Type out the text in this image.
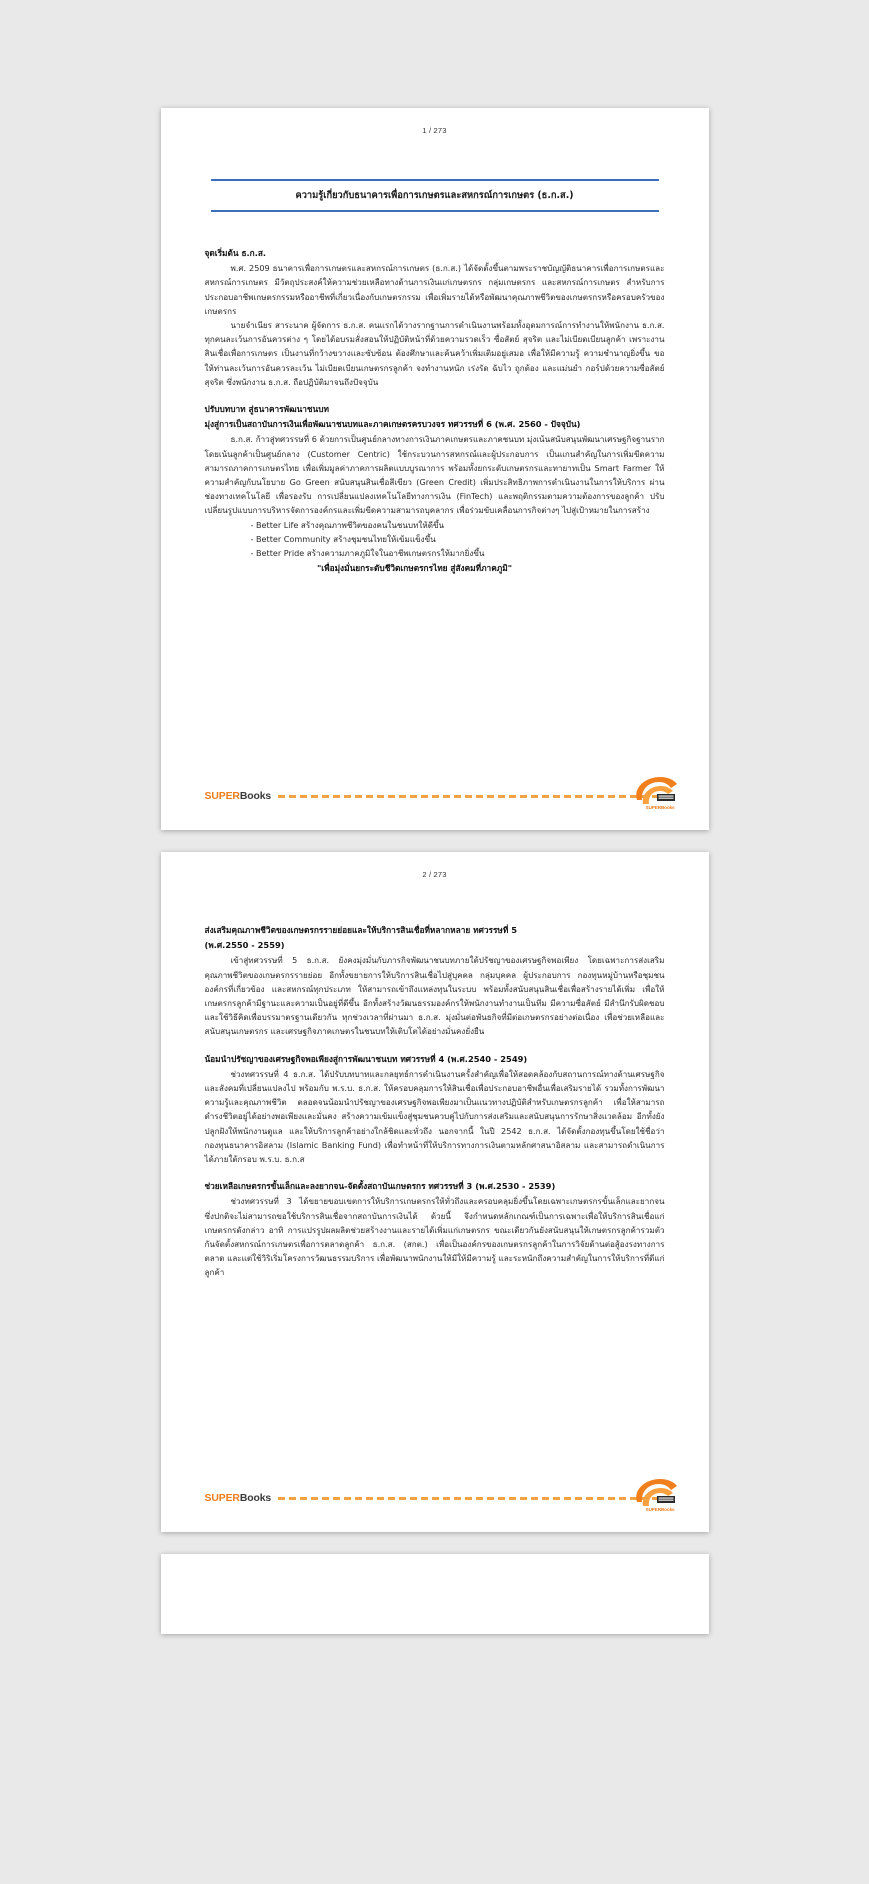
1 / 273
ความรู้เกี่ยวกับธนาคารเพื่อการเกษตรและสหกรณ์การเกษตร (ธ.ก.ส.)
จุดเริ่มต้น ธ.ก.ส.

พ.ศ. 2509 ธนาคารเพื่อการเกษตรและสหกรณ์การเกษตร (ธ.ก.ส.) ได้จัดตั้งขึ้นตามพระราชบัญญัติธนาคารเพื่อการเกษตรและสหกรณ์การเกษตร มีวัตถุประสงค์ให้ความช่วยเหลือทางด้านการเงินแก่เกษตรกร กลุ่มเกษตรกร และสหกรณ์การเกษตร สำหรับการประกอบอาชีพเกษตรกรรมหรืออาชีพที่เกี่ยวเนื่องกับเกษตรกรรม เพื่อเพิ่มรายได้หรือพัฒนาคุณภาพชีวิตของเกษตรกรหรือครอบครัวของเกษตรกร

นายจำเนียร สาระนาค ผู้จัดการ ธ.ก.ส. คนแรกได้วางรากฐานการดำเนินงานพร้อมทั้งอุดมการณ์การทำงานให้พนักงาน ธ.ก.ส. ทุกคนละเว้นการอันควรต่าง ๆ โดยได้อบรมสั่งสอนให้ปฏิบัติหน้าที่ด้วยความรวดเร็ว ซื่อสัตย์ สุจริต และไม่เบียดเบียนลูกค้า เพราะงานสินเชื่อเพื่อการเกษตร เป็นงานที่กว้างขวางและซับซ้อน ต้องศึกษาและค้นคว้าเพิ่มเติมอยู่เสมอ เพื่อให้มีความรู้ ความชำนาญยิ่งขึ้น ขอให้ท่านละเว้นการอันควรละเว้น ไม่เบียดเบียนเกษตรกรลูกค้า จงทำงานหนัก เร่งรัด ฉับไว ถูกต้อง และแม่นยำ กอร์ปด้วยความซื่อสัตย์สุจริต ซึ่งพนักงาน ธ.ก.ส. ถือปฏิบัติมาจนถึงปัจจุบัน

ปรับบทบาท สู่ธนาคารพัฒนาชนบท
มุ่งสู่การเป็นสถาบันการเงินเพื่อพัฒนาชนบทและภาคเกษตรครบวงจร ทศวรรษที่ 6 (พ.ศ. 2560 - ปัจจุบัน)

ธ.ก.ส. ก้าวสู่ทศวรรษที่ 6 ด้วยการเป็นศูนย์กลางทางการเงินภาคเกษตรและภาคชนบท มุ่งเน้นสนับสนุนพัฒนาเศรษฐกิจฐานราก โดยเน้นลูกค้าเป็นศูนย์กลาง (Customer Centric) ใช้กระบวนการสหกรณ์และผู้ประกอบการ เป็นแกนสำคัญในการเพิ่มขีดความสามารถภาคการเกษตรไทย เพื่อเพิ่มมูลค่าภาคการผลิตแบบบูรณาการ พร้อมทั้งยกระดับเกษตรกรและทายาทเป็น Smart Farmer ให้ความสำคัญกับนโยบาย Go Green สนับสนุนสินเชื่อสีเขียว (Green Credit) เพิ่มประสิทธิภาพการดำเนินงานในการให้บริการ ผ่านช่องทางเทคโนโลยี เพื่อรองรับ การเปลี่ยนแปลงเทคโนโลยีทางการเงิน (FinTech) และพฤติกรรมตามความต้องการของลูกค้า ปรับเปลี่ยนรูปแบบการบริหารจัดการองค์กรและเพิ่มขีดความสามารถบุคลากร เพื่อร่วมขับเคลื่อนการกิจต่างๆ ไปสู่เป้าหมายในการสร้าง

- Better Life สร้างคุณภาพชีวิตของคนในชนบทให้ดีขึ้น
- Better Community สร้างชุมชนไทยให้เข้มแข็งขึ้น
- Better Pride สร้างความภาคภูมิใจในอาชีพเกษตรกรให้มากยิ่งขึ้น
"เพื่อมุ่งมั่นยกระดับชีวิตเกษตรกรไทย สู่สังคมที่ภาคภูมิ"
SUPERBooks
SUPERBooks
2 / 273
ส่งเสริมคุณภาพชีวิตของเกษตรกรรายย่อยและให้บริการสินเชื่อที่หลากหลาย ทศวรรษที่ 5
(พ.ศ.2550 - 2559)

เข้าสู่ทศวรรษที่ 5 ธ.ก.ส. ยังคงมุ่งมั่นกับภารกิจพัฒนาชนบทภายใต้ปรัชญาของเศรษฐกิจพอเพียง โดยเฉพาะการส่งเสริมคุณภาพชีวิตของเกษตรกรรายย่อย อีกทั้งขยายการให้บริการสินเชื่อไปสู่บุคคล กลุ่มบุคคล ผู้ประกอบการ กองทุนหมู่บ้านหรือชุมชน องค์กรที่เกี่ยวข้อง และสหกรณ์ทุกประเภท ให้สามารถเข้าถึงแหล่งทุนในระบบ พร้อมทั้งสนับสนุนสินเชื่อเพื่อสร้างรายได้เพิ่ม เพื่อให้เกษตรกรลูกค้ามีฐานะและความเป็นอยู่ที่ดีขึ้น อีกทั้งสร้างวัฒนธรรมองค์กรให้พนักงานทำงานเป็นทีม มีความซื่อสัตย์ มีสำนึกรับผิดชอบ และใช้วิธีคิดเพื่อบรรมาตรฐานเดียวกัน ทุกช่วงเวลาที่ผ่านมา ธ.ก.ส. มุ่งมั่นต่อพันธกิจที่มีต่อเกษตรกรอย่างต่อเนื่อง เพื่อช่วยเหลือและสนับสนุนเกษตรกร และเศรษฐกิจภาคเกษตรในชนบทให้เติบโตได้อย่างมั่นคงยั่งยืน

น้อมนำปรัชญาของเศรษฐกิจพอเพียงสู่การพัฒนาชนบท ทศวรรษที่ 4 (พ.ศ.2540 - 2549)

ช่วงทศวรรษที่ 4 ธ.ก.ส. ได้ปรับบทบาทและกลยุทธ์การดำเนินงานครั้งสำคัญเพื่อให้สอดคล้องกับสถานการณ์ทางด้านเศรษฐกิจ และสังคมที่เปลี่ยนแปลงไป พร้อมกับ พ.ร.บ. ธ.ก.ส. ให้ครอบคลุมการให้สินเชื่อเพื่อประกอบอาชีพอื่นเพื่อเสริมรายได้ รวมทั้งการพัฒนาความรู้และคุณภาพชีวิต ตลอดจนน้อมนำปรัชญาของเศรษฐกิจพอเพียงมาเป็นแนวทางปฏิบัติสำหรับเกษตรกรลูกค้า เพื่อให้สามารถดำรงชีวิตอยู่ได้อย่างพอเพียงและมั่นคง สร้างความเข้มแข็งสู่ชุมชนควบคู่ไปกับการส่งเสริมและสนับสนุนการรักษาสิ่งแวดล้อม อีกทั้งยังปลูกฝังให้พนักงานดูแล และให้บริการลูกค้าอย่างใกล้ชิดและทั่วถึง นอกจากนี้ ในปี 2542 ธ.ก.ส. ได้จัดตั้งกองทุนขึ้นโดยใช้ชื่อว่า กองทุนธนาคารอิสลาม (Islamic Banking Fund) เพื่อทำหน้าที่ให้บริการทางการเงินตามหลักศาสนาอิสลาม และสามารถดำเนินการได้ภายใต้กรอบ พ.ร.บ. ธ.ก.ส

ช่วยเหลือเกษตรกรขั้นเล็กและลงยากจน-จัดตั้งสถาบันเกษตรกร ทศวรรษที่ 3 (พ.ศ.2530 - 2539)

ช่วงทศวรรษที่ 3 ได้ขยายขอบเขตการให้บริการเกษตรกรให้ทั่วถึงและครอบคลุมยิ่งขึ้นโดยเฉพาะเกษตรกรขั้นเล็กและยากจน ซึ่งปกติจะไม่สามารถขอใช้บริการสินเชื่อจากสถาบันการเงินได้ ด้วยนี้ จึงกำหนดหลักเกณฑ์เป็นการเฉพาะเพื่อให้บริการสินเชื่อแก่เกษตรกรดังกล่าว อาทิ การแปรรูปผลผลิตช่วยสร้างงานและรายได้เพิ่มแก่เกษตรกร ขณะเดียวกันยังสนับสนุนให้เกษตรกรลูกค้ารวมตัวกันจัดตั้งสหกรณ์การเกษตรเพื่อการตลาดลูกค้า ธ.ก.ส. (สกต.) เพื่อเป็นองค์กรของเกษตรกรลูกค้าในการวิจัยด้านต่อสู้องรงทางการตลาด และแต่ใช้วิริเริ่มโครงการวัฒนธรรมบริการ เพื่อพัฒนาพนักงานให้มีให้มีความรู้ และระหนักถึงความสำคัญในการให้บริการที่ดีแก่ลูกค้า

SUPERBooks
SUPERBooks
